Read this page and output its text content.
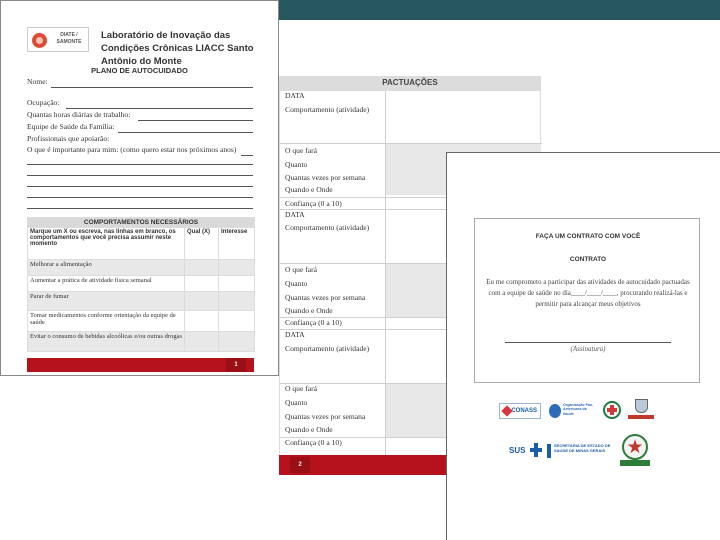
DIATE /
SAMONTE
Laboratório de Inovação das Condições Crônicas LIACC Santo Antônio do Monte
PLANO DE AUTOCUIDADO
Nome:
Ocupação:
Quantas horas diárias de trabalho:
Equipe de Saúde da Família:
Profissionais que apoiarão:
O que é importante para mim: (como quero estar nos próximos anos)
COMPORTAMENTOS NECESSÁRIOS		
Marque um X ou escreva, nas linhas em branco, os comportamentos que você precisa assumir neste momento	Qual (X)	Interesse
Melhorar a alimentação		
Aumentar a prática de atividade física semanal		
Parar de fumar		
Tomar medicamentos conforme orientação da equipe de saúde		
Evitar o consumo de bebidas alcoólicas e/ou outras drogas		
1
PACTUAÇÕES
DATA
Comportamento (atividade)
O que fará
Quanto
Quantas vezes por semana
Quando e Onde
Confiança (0 a 10)
DATA
Comportamento (atividade)
O que fará
Quanto
Quantas vezes por semana
Quando e Onde
Confiança (0 a 10)
DATA
Comportamento (atividade)
O que fará
Quanto
Quantas vezes por semana
Quando e Onde
Confiança (0 a 10)
2
FAÇA UM CONTRATO COM VOCÊ
CONTRATO
Eu me comprometo a participar das atividades de autocuidado pactuadas com a equipe de saúde no dia____/____/____, procurando realizá-las e permitir para alcançar meus objetivos
(Assinatura)
CONASS
Organização Pan-Americana da Saúde
SUS
SECRETARIA DE ESTADO DE SAÚDE DE MINAS GERAIS	★
